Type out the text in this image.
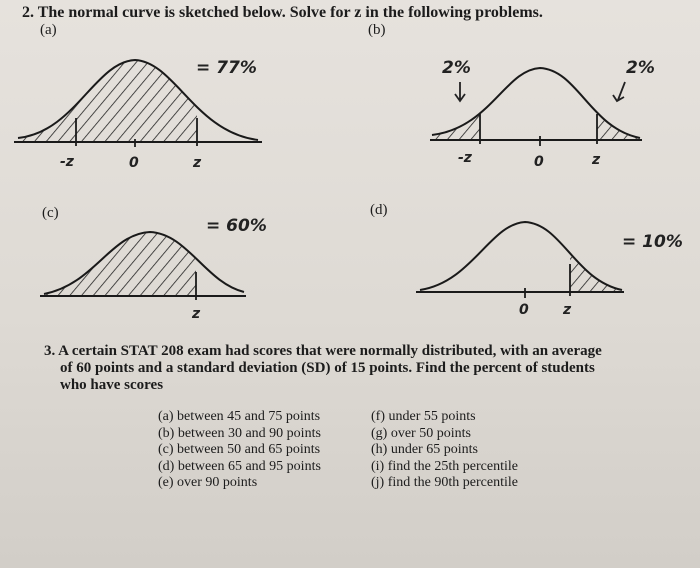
2. The normal curve is sketched below. Solve for z in the following problems.
(a)	(b)
(c)	(d)
= 77%
-z	0	z
2%	2%
-z	0	z
= 60%
z
= 10%
0 z
3. A certain STAT 208 exam had scores that were normally distributed, with an average
of 60 points and a standard deviation (SD) of 15 points. Find the percent of students
who have scores
(a) between 45 and 75 points
(b) between 30 and 90 points
(c) between 50 and 65 points
(d) between 65 and 95 points
(e) over 90 points
(f) under 55 points
(g) over 50 points
(h) under 65 points
(i) find the 25th percentile
(j) find the 90th percentile
